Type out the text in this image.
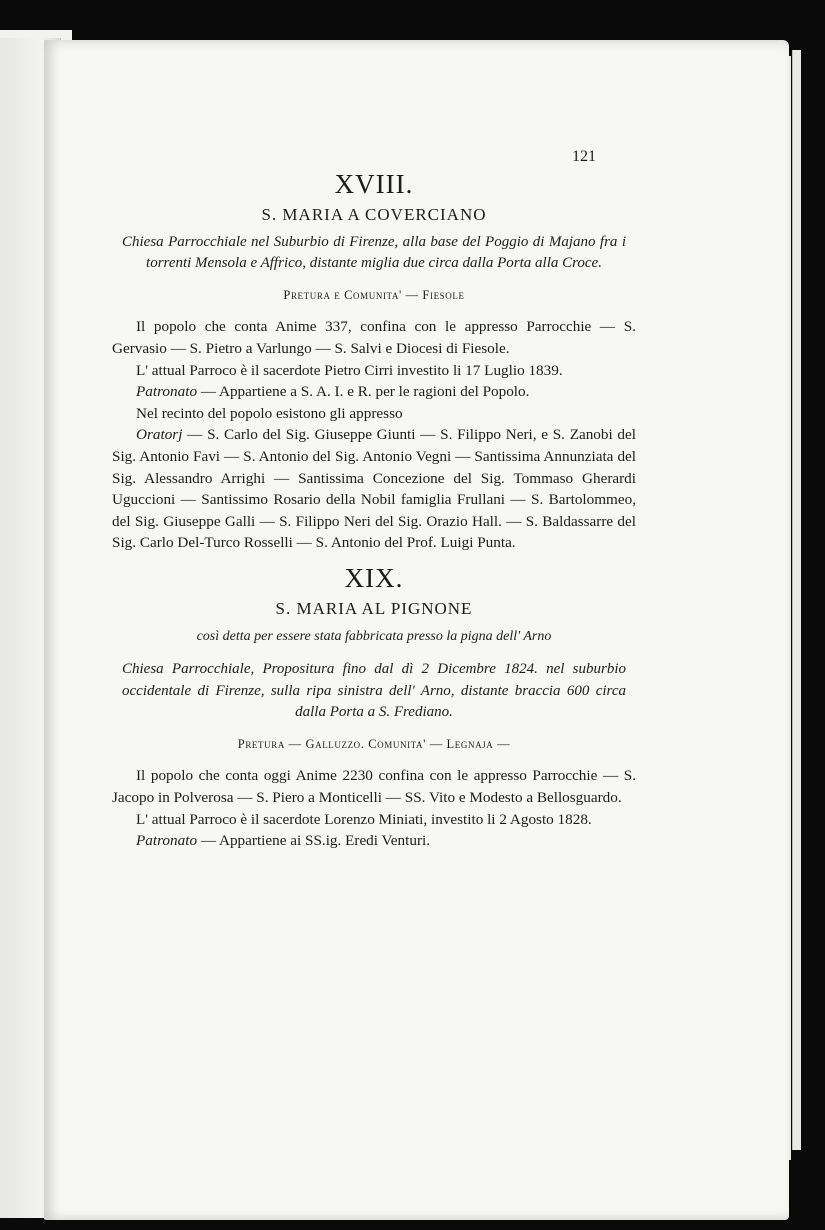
121

XVIII.

S. MARIA A COVERCIANO

Chiesa Parrocchiale nel Suburbio di Firenze, alla base del Poggio di Majano fra i torrenti Mensola e Affrico, distante miglia due circa dalla Porta alla Croce.

Pretura e Comunita' — Fiesole

Il popolo che conta Anime 337, confina con le appresso Parrocchie — S. Gervasio — S. Pietro a Varlungo — S. Salvi e Diocesi di Fiesole.

L' attual Parroco è il sacerdote Pietro Cirri investito li 17 Luglio 1839.

Patronato — Appartiene a S. A. I. e R. per le ragioni del Popolo.

Nel recinto del popolo esistono gli appresso

Oratorj — S. Carlo del Sig. Giuseppe Giunti — S. Filippo Neri, e S. Zanobi del Sig. Antonio Favi — S. Antonio del Sig. Antonio Vegni — Santissima Annunziata del Sig. Alessandro Arrighi — Santissima Concezione del Sig. Tommaso Gherardi Uguccioni — Santissimo Rosario della Nobil famiglia Frullani — S. Bartolommeo, del Sig. Giuseppe Galli — S. Filippo Neri del Sig. Orazio Hall. — S. Baldassarre del Sig. Carlo Del-Turco Rosselli — S. Antonio del Prof. Luigi Punta.

XIX.

S. MARIA AL PIGNONE

così detta per essere stata fabbricata presso la pigna dell' Arno

Chiesa Parrocchiale, Propositura fino dal dì 2 Dicembre 1824. nel suburbio occidentale di Firenze, sulla ripa sinistra dell' Arno, distante braccia 600 circa dalla Porta a S. Frediano.

Pretura — Galluzzo. Comunita' — Legnaja —

Il popolo che conta oggi Anime 2230 confina con le appresso Parrocchie — S. Jacopo in Polverosa — S. Piero a Monticelli — SS. Vito e Modesto a Bellosguardo.

L' attual Parroco è il sacerdote Lorenzo Miniati, investito li 2 Agosto 1828.

Patronato — Appartiene ai SS.ig. Eredi Venturi.
